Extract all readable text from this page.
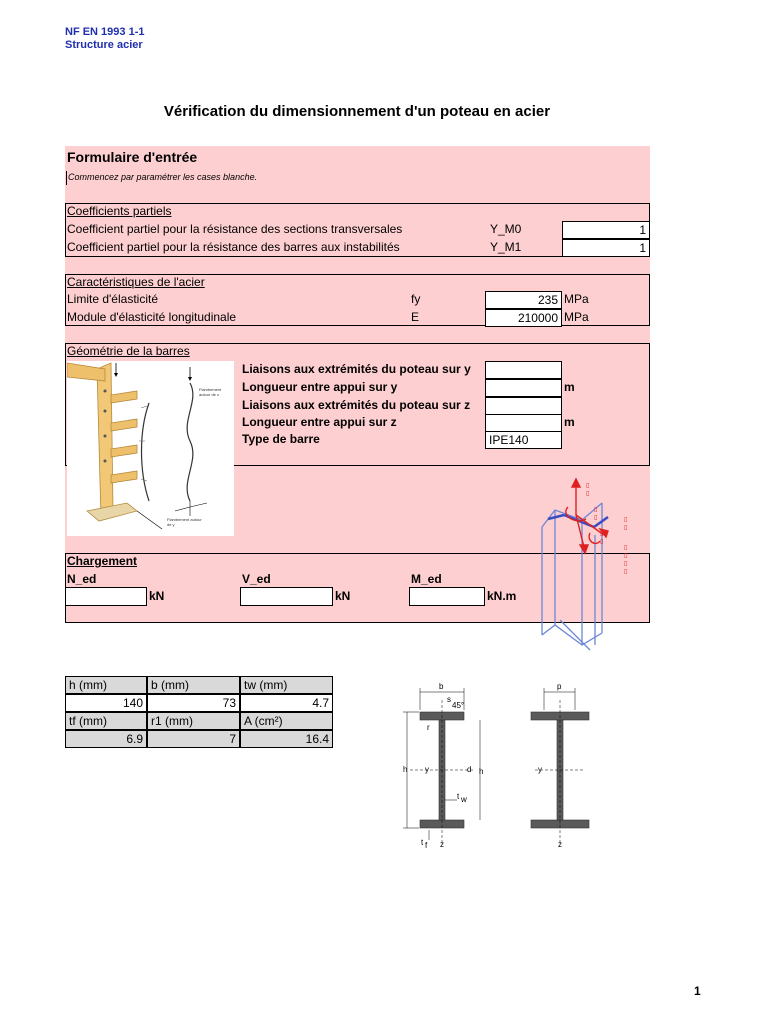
NF EN 1993 1-1
Structure acier
Vérification du dimensionnement d'un poteau en acier
Formulaire d'entrée
Commencez par paramétrer les cases blanche.
Coefficients partiels
Coefficient partiel pour la résistance des sections transversales	Y_M0	1
Coefficient partiel pour la résistance des barres aux instabilités	Y_M1	1
Caractéristiques de l'acier
Limite d'élasticité	fy	235 MPa
Module d'élasticité longitudinale	E	210000 MPa
Géométrie de la barres
Flambement
autour de z
Flambement autour
de y
Liaisons aux extrémités du poteau sur y
Longueur entre appui sur y	m
Liaisons aux extrémités du poteau sur z
Longueur entre appui sur z	m
Type de barre	IPE140
Chargement
N_ed
kN
V_ed
kN
M_ed
kN.m
▯
▯
▯
▯
▯
▯
▯
▯
▯
▯
▯
▯
h (mm)	b (mm)	tw (mm)
140	73	4.7
tf (mm)	r1 (mm)	A (cm²)
6.9	7	16.4
b
s
45°
r
h y	d h
t w
t f z
p
y
z
1
